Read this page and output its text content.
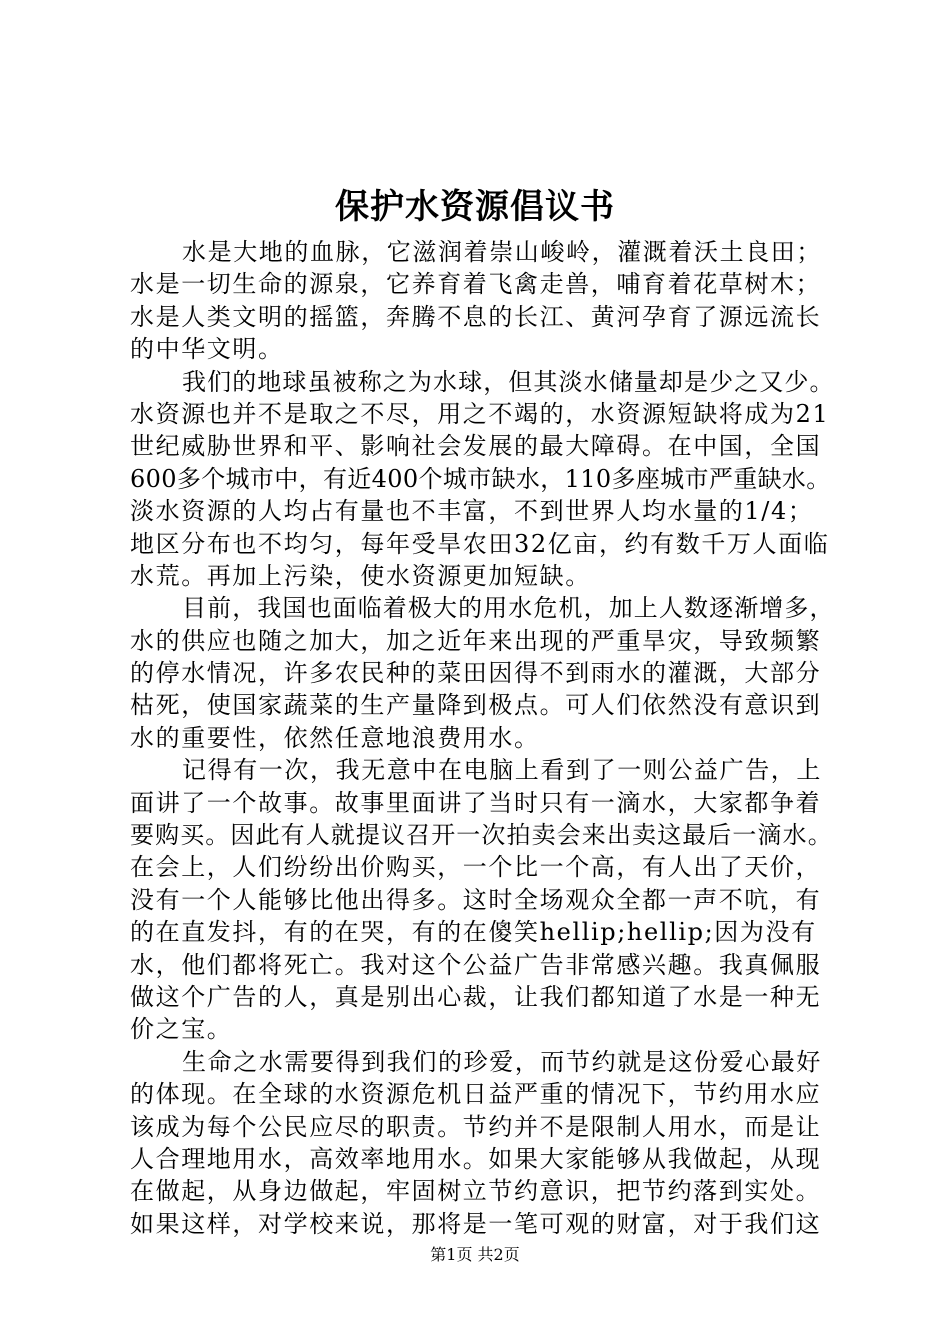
保护水资源倡议书
水是大地的血脉，它滋润着崇山峻岭，灌溉着沃土良田；
水是一切生命的源泉，它养育着飞禽走兽，哺育着花草树木；
水是人类文明的摇篮，奔腾不息的长江、黄河孕育了源远流长
的中华文明。
我们的地球虽被称之为水球，但其淡水储量却是少之又少。
水资源也并不是取之不尽，用之不竭的，水资源短缺将成为21
世纪威胁世界和平、影响社会发展的最大障碍。在中国，全国
600多个城市中，有近400个城市缺水，110多座城市严重缺水。
淡水资源的人均占有量也不丰富，不到世界人均水量的1/4；
地区分布也不均匀，每年受旱农田32亿亩，约有数千万人面临
水荒。再加上污染，使水资源更加短缺。
目前，我国也面临着极大的用水危机，加上人数逐渐增多，
水的供应也随之加大，加之近年来出现的严重旱灾，导致频繁
的停水情况，许多农民种的菜田因得不到雨水的灌溉，大部分
枯死，使国家蔬菜的生产量降到极点。可人们依然没有意识到
水的重要性，依然任意地浪费用水。
记得有一次，我无意中在电脑上看到了一则公益广告，上
面讲了一个故事。故事里面讲了当时只有一滴水，大家都争着
要购买。因此有人就提议召开一次拍卖会来出卖这最后一滴水。
在会上，人们纷纷出价购买，一个比一个高，有人出了天价，
没有一个人能够比他出得多。这时全场观众全都一声不吭，有
的在直发抖，有的在哭，有的在傻笑hellip;hellip;因为没有
水，他们都将死亡。我对这个公益广告非常感兴趣。我真佩服
做这个广告的人，真是别出心裁，让我们都知道了水是一种无
价之宝。
生命之水需要得到我们的珍爱，而节约就是这份爱心最好
的体现。在全球的水资源危机日益严重的情况下，节约用水应
该成为每个公民应尽的职责。节约并不是限制人用水，而是让
人合理地用水，高效率地用水。如果大家能够从我做起，从现
在做起，从身边做起，牢固树立节约意识，把节约落到实处。
如果这样，对学校来说，那将是一笔可观的财富，对于我们这
第1页 共2页
